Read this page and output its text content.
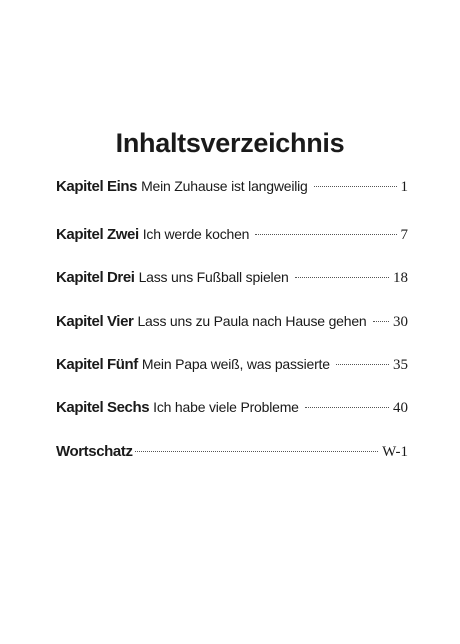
Inhaltsverzeichnis
Kapitel Eins Mein Zuhause ist langweilig	1
Kapitel Zwei Ich werde kochen	7
Kapitel Drei Lass uns Fußball spielen	18
Kapitel Vier Lass uns zu Paula nach Hause gehen 30
Kapitel Fünf Mein Papa weiß, was passierte	35
Kapitel Sechs Ich habe viele Probleme	40
Wortschatz	W-1
